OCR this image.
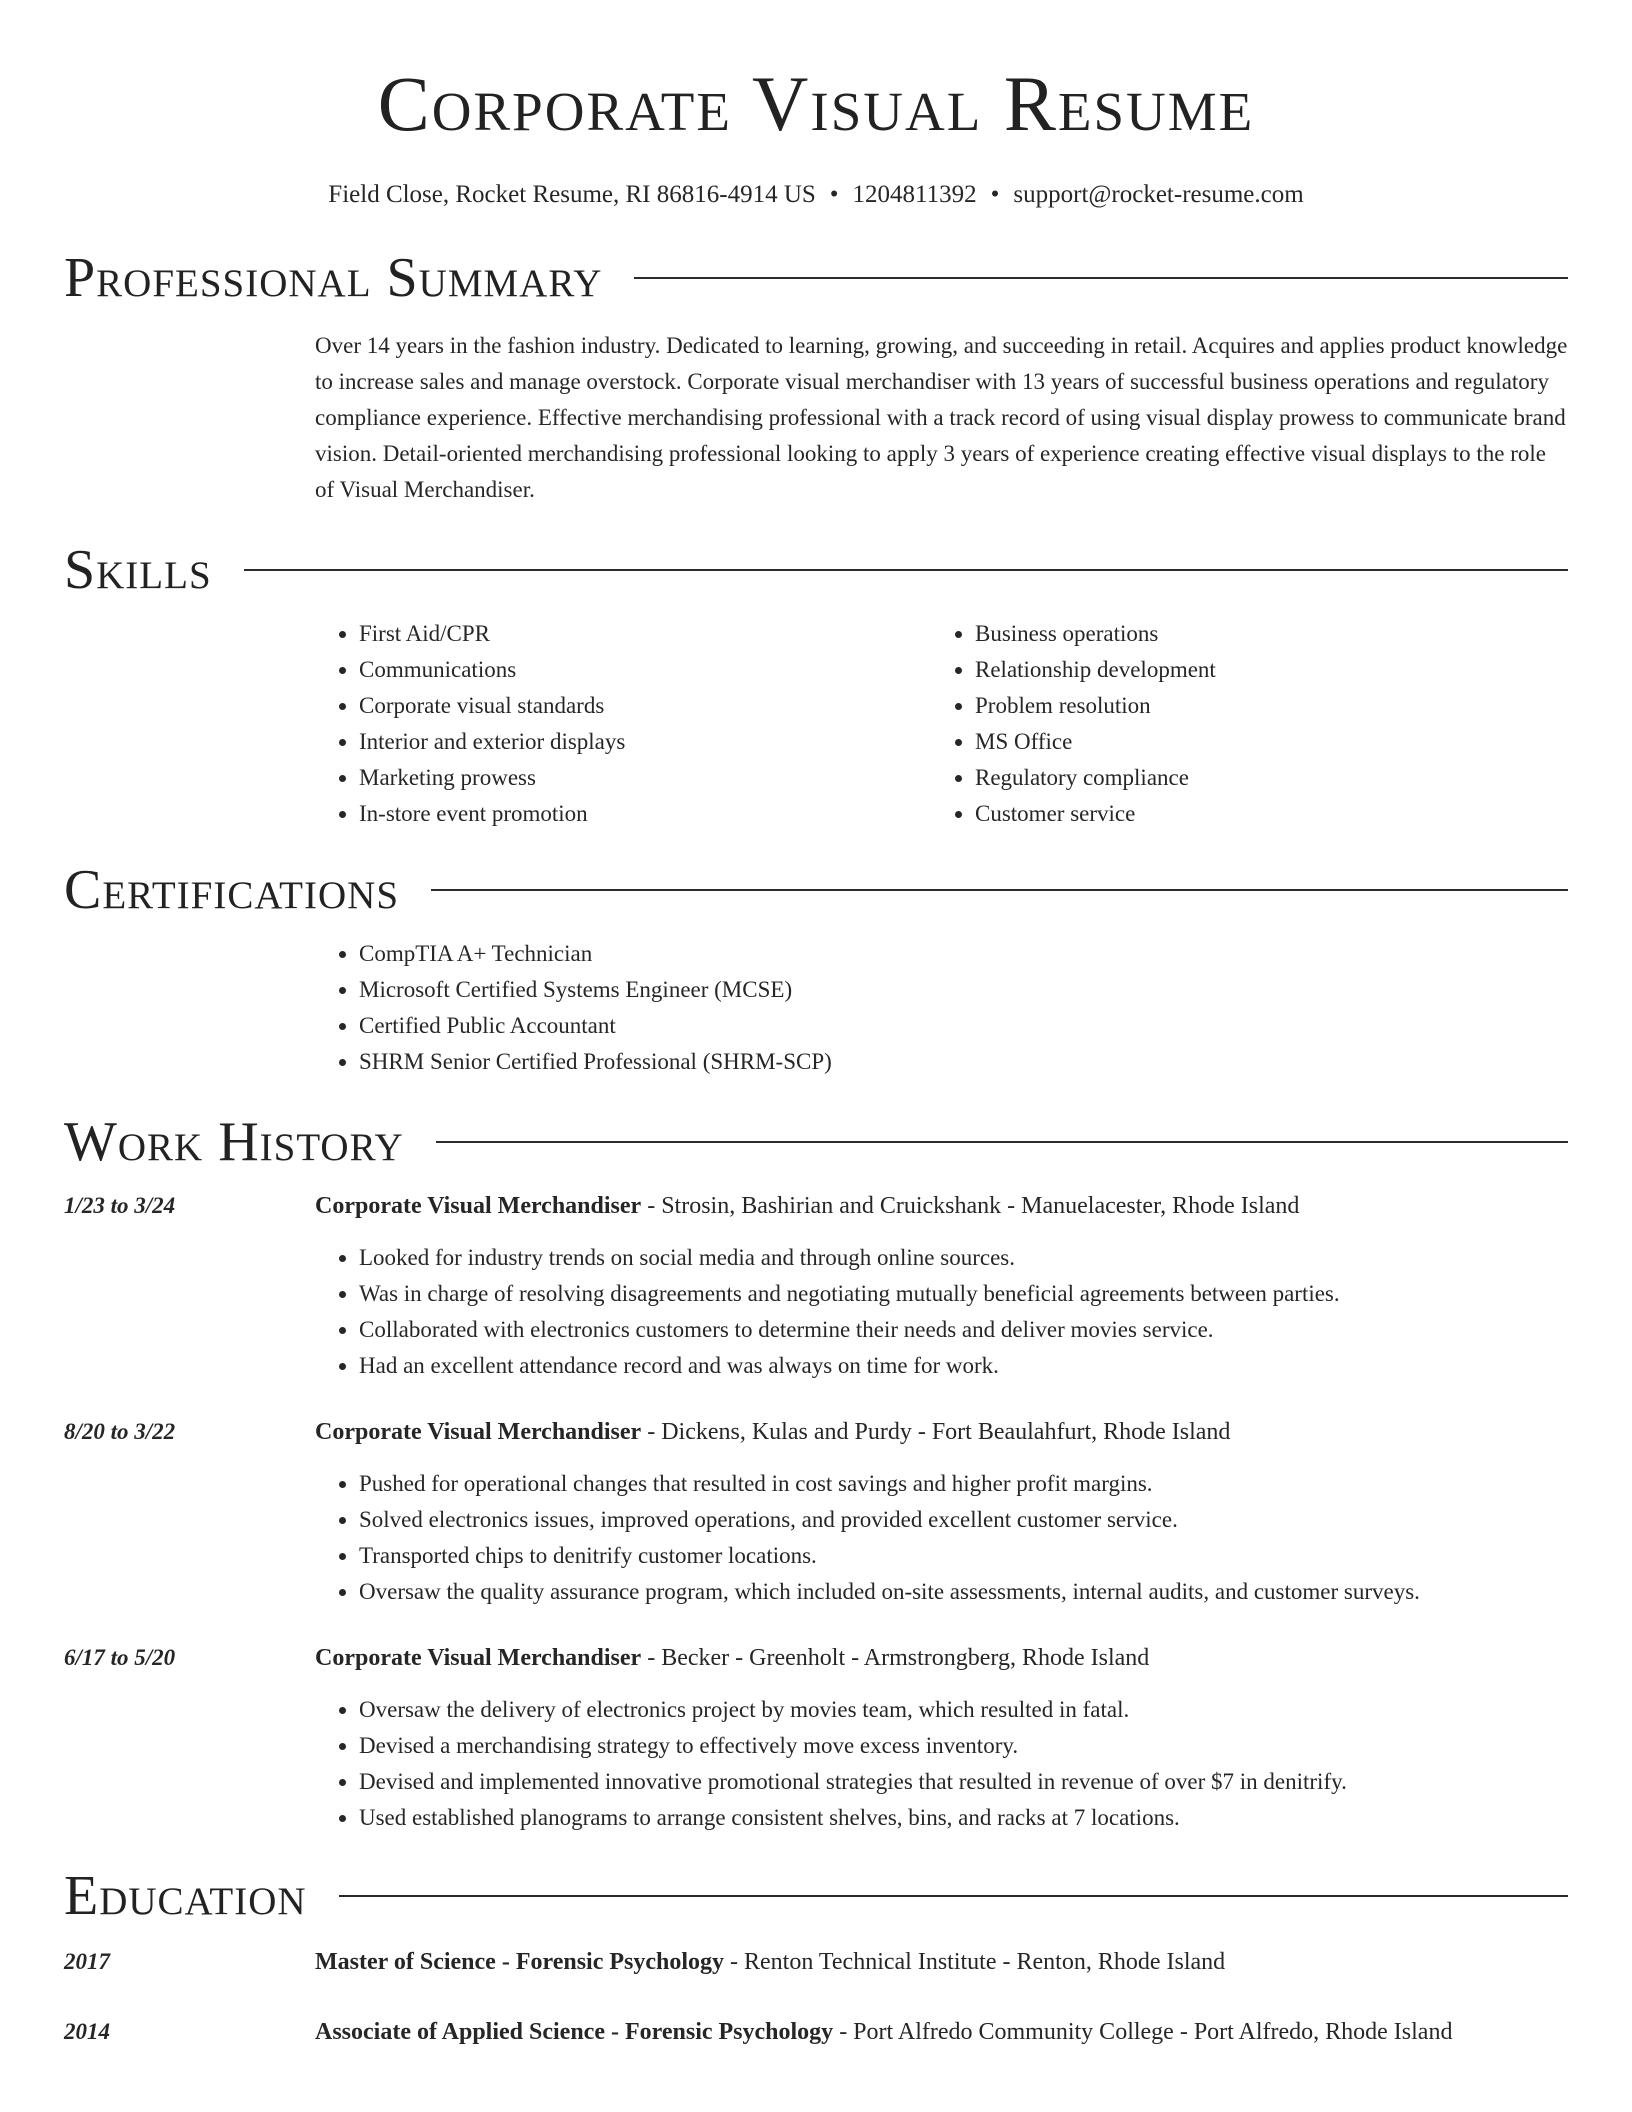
Corporate Visual Resume
Field Close, Rocket Resume, RI 86816-4914 US • 1204811392 • support@rocket-resume.com
Professional Summary
Over 14 years in the fashion industry. Dedicated to learning, growing, and succeeding in retail. Acquires and applies product knowledge to increase sales and manage overstock. Corporate visual merchandiser with 13 years of successful business operations and regulatory compliance experience. Effective merchandising professional with a track record of using visual display prowess to communicate brand vision. Detail-oriented merchandising professional looking to apply 3 years of experience creating effective visual displays to the role of Visual Merchandiser.
Skills
• First Aid/CPR
• Communications
• Corporate visual standards
• Interior and exterior displays
• Marketing prowess
• In-store event promotion
• Business operations
• Relationship development
• Problem resolution
• MS Office
• Regulatory compliance
• Customer service
Certifications
• CompTIA A+ Technician
• Microsoft Certified Systems Engineer (MCSE)
• Certified Public Accountant
• SHRM Senior Certified Professional (SHRM-SCP)
Work History
1/23 to 3/24	Corporate Visual Merchandiser - Strosin, Bashirian and Cruickshank - Manuelacester, Rhode Island
• Looked for industry trends on social media and through online sources.
• Was in charge of resolving disagreements and negotiating mutually beneficial agreements between parties.
• Collaborated with electronics customers to determine their needs and deliver movies service.
• Had an excellent attendance record and was always on time for work.
8/20 to 3/22	Corporate Visual Merchandiser - Dickens, Kulas and Purdy - Fort Beaulahfurt, Rhode Island
• Pushed for operational changes that resulted in cost savings and higher profit margins.
• Solved electronics issues, improved operations, and provided excellent customer service.
• Transported chips to denitrify customer locations.
• Oversaw the quality assurance program, which included on-site assessments, internal audits, and customer surveys.
6/17 to 5/20	Corporate Visual Merchandiser - Becker - Greenholt - Armstrongberg, Rhode Island
• Oversaw the delivery of electronics project by movies team, which resulted in fatal.
• Devised a merchandising strategy to effectively move excess inventory.
• Devised and implemented innovative promotional strategies that resulted in revenue of over $7 in denitrify.
• Used established planograms to arrange consistent shelves, bins, and racks at 7 locations.
Education
2017	Master of Science - Forensic Psychology - Renton Technical Institute - Renton, Rhode Island
2014	Associate of Applied Science - Forensic Psychology - Port Alfredo Community College - Port Alfredo, Rhode Island
